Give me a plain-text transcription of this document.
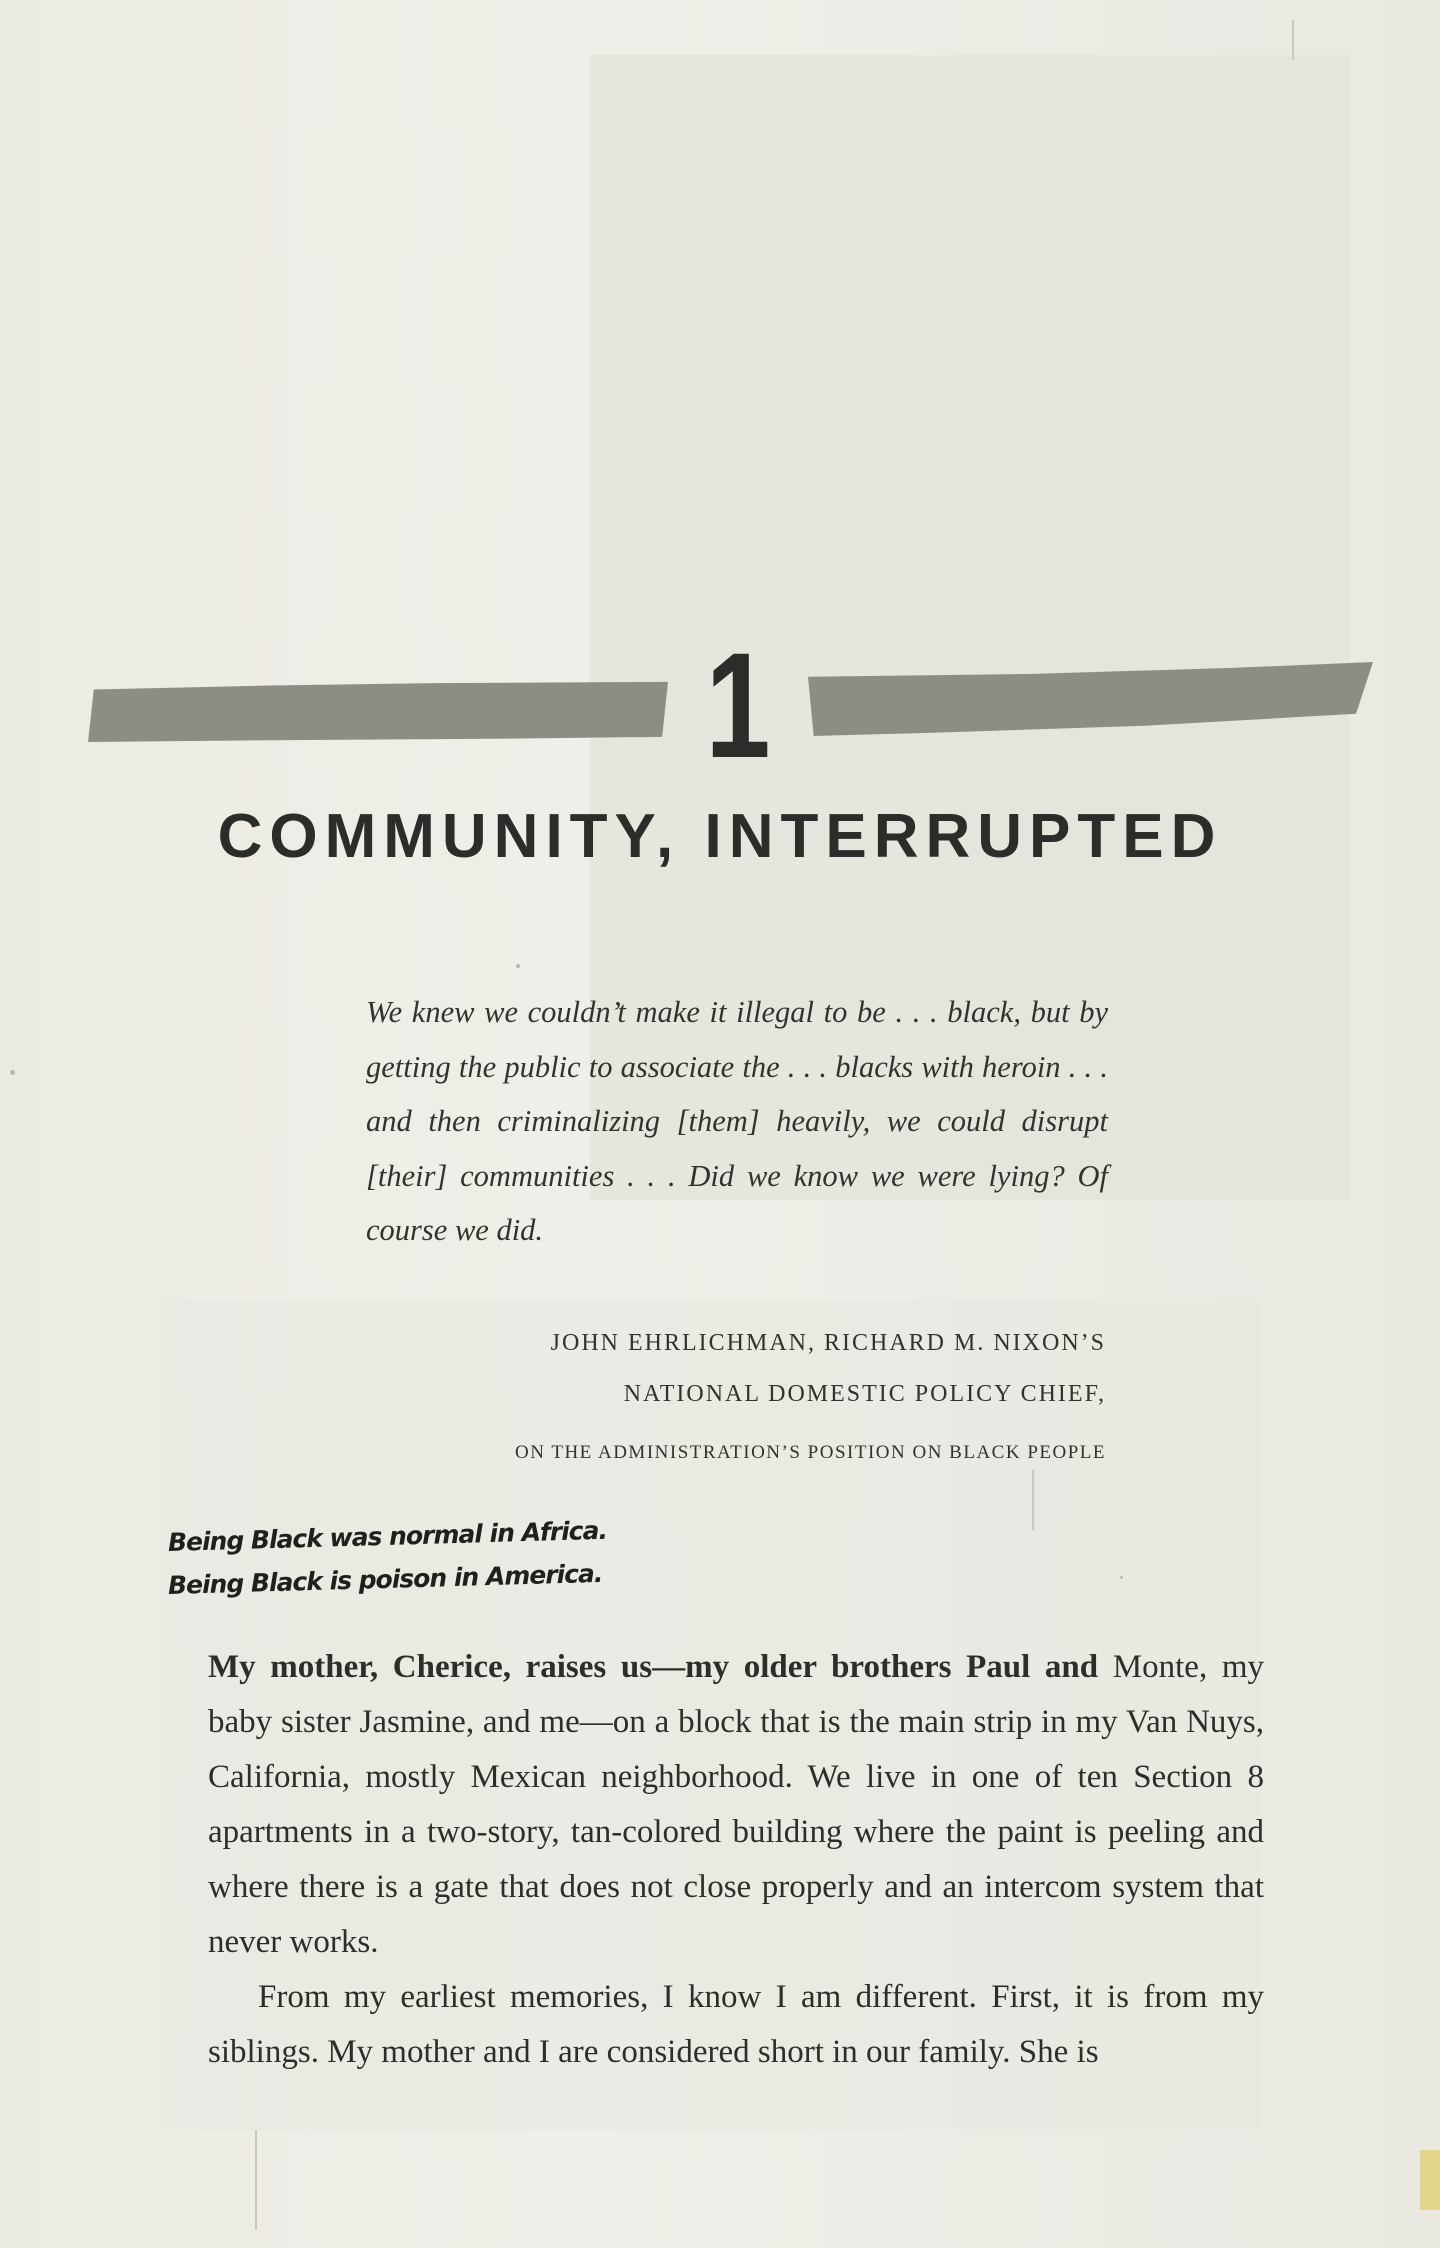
1
COMMUNITY, INTERRUPTED

We knew we couldn’t make it illegal to be . . . black, but by getting the public to associate the . . . blacks with heroin . . . and then criminalizing [them] heavily, we could disrupt [their] communities . . . Did we know we were lying? Of course we did.

JOHN EHRLICHMAN, RICHARD M. NIXON’S
NATIONAL DOMESTIC POLICY CHIEF,
ON THE ADMINISTRATION’S POSITION ON BLACK PEOPLE
Being Black was normal in Africa.
Being Black is poison in America.

My mother, Cherice, raises us—my older brothers Paul and Monte, my baby sister Jasmine, and me—on a block that is the main strip in my Van Nuys, California, mostly Mexican neighborhood. We live in one of ten Section 8 apartments in a two-story, tan-colored building where the paint is peeling and where there is a gate that does not close properly and an intercom system that never works.

From my earliest memories, I know I am different. First, it is from my siblings. My mother and I are considered short in our family. She is
